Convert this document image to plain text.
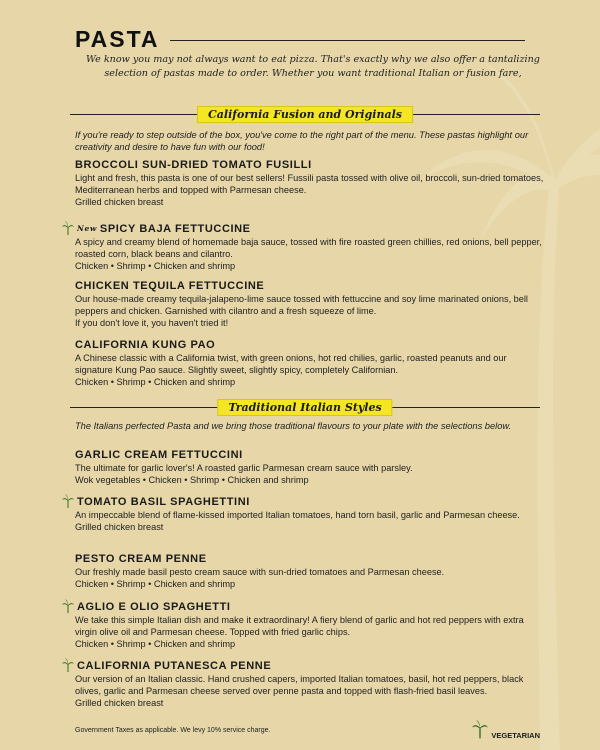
PASTA
We know you may not always want to eat pizza. That's exactly why we also offer a tantalizing selection of pastas made to order. Whether you want traditional Italian or fusion fare,
California Fusion and Originals
If you're ready to step outside of the box, you've come to the right part of the menu. These pastas highlight our creativity and desire to have fun with our food!
BROCCOLI SUN-DRIED TOMATO FUSILLI
Light and fresh, this pasta is one of our best sellers! Fussili pasta tossed with olive oil, broccoli, sun-dried tomatoes, Mediterranean herbs and topped with Parmesan cheese.
Grilled chicken breast
New SPICY BAJA FETTUCCINE
A spicy and creamy blend of homemade baja sauce, tossed with fire roasted green chillies, red onions, bell pepper, roasted corn, black beans and cilantro.
Chicken • Shrimp • Chicken and shrimp
CHICKEN TEQUILA FETTUCCINE
Our house-made creamy tequila-jalapeno-lime sauce tossed with fettuccine and soy lime marinated onions, bell peppers and chicken. Garnished with cilantro and a fresh squeeze of lime.
If you don't love it, you haven't tried it!
CALIFORNIA KUNG PAO
A Chinese classic with a California twist, with green onions, hot red chilies, garlic, roasted peanuts and our signature Kung Pao sauce. Slightly sweet, slightly spicy, completely Californian.
Chicken • Shrimp • Chicken and shrimp
Traditional Italian Styles
The Italians perfected Pasta and we bring those traditional flavours to your plate with the selections below.
GARLIC CREAM FETTUCCINI
The ultimate for garlic lover's! A roasted garlic Parmesan cream sauce with parsley.
Wok vegetables • Chicken • Shrimp • Chicken and shrimp
TOMATO BASIL SPAGHETTINI
An impeccable blend of flame-kissed imported Italian tomatoes, hand torn basil, garlic and Parmesan cheese.
Grilled chicken breast
PESTO CREAM PENNE
Our freshly made basil pesto cream sauce with sun-dried tomatoes and Parmesan cheese.
Chicken • Shrimp • Chicken and shrimp
AGLIO E OLIO SPAGHETTI
We take this simple Italian dish and make it extraordinary! A fiery blend of garlic and hot red peppers with extra virgin olive oil and Parmesan cheese. Topped with fried garlic chips.
Chicken • Shrimp • Chicken and shrimp
CALIFORNIA PUTANESCA PENNE
Our version of an Italian classic. Hand crushed capers, imported Italian tomatoes, basil, hot red peppers, black olives, garlic and Parmesan cheese served over penne pasta and topped with flash-fried basil leaves.
Grilled chicken breast
Government Taxes as applicable. We levy 10% service charge.
VEGETARIAN
